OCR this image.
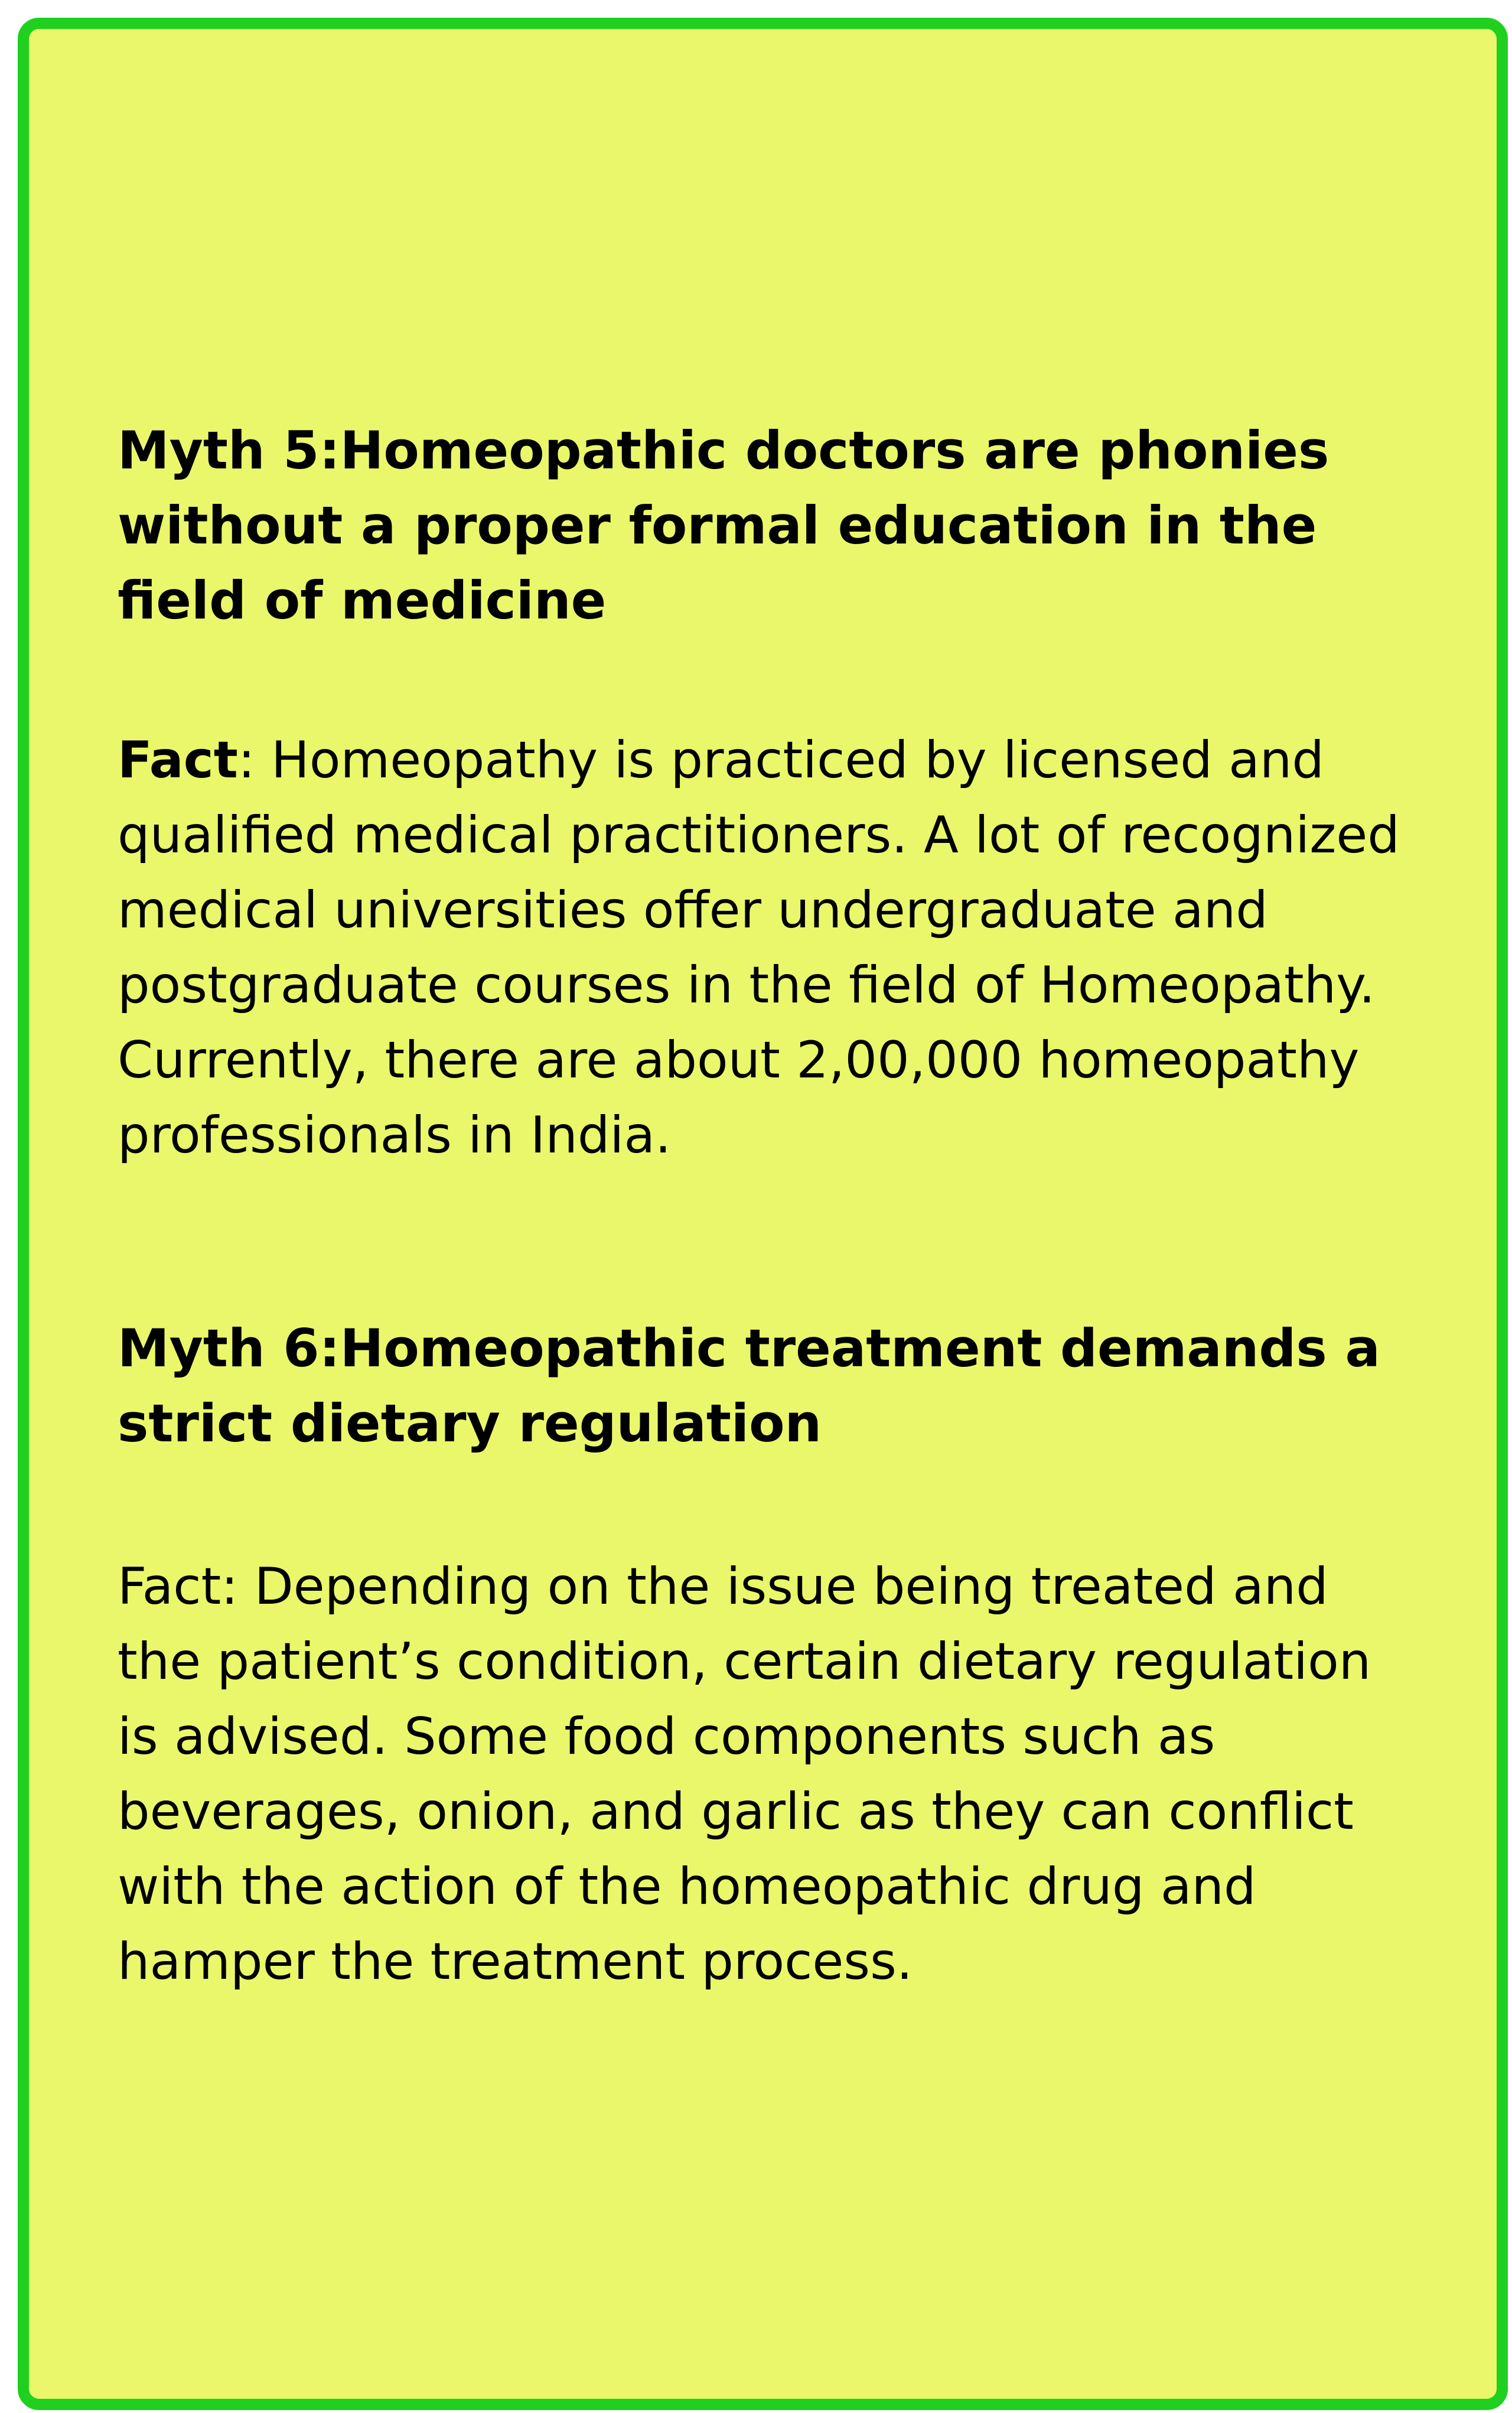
Myth 5:Homeopathic doctors are phonies without a proper formal education in the field of medicine

Fact: Homeopathy is practiced by licensed and qualified medical practitioners. A lot of recognized medical universities offer undergraduate and postgraduate courses in the field of Homeopathy. Currently, there are about 2,00,000 homeopathy professionals in India.

Myth 6:Homeopathic treatment demands a strict dietary regulation

Fact: Depending on the issue being treated and the patient’s condition, certain dietary regulation is advised. Some food components such as beverages, onion, and garlic as they can conflict with the action of the homeopathic drug and hamper the treatment process.
